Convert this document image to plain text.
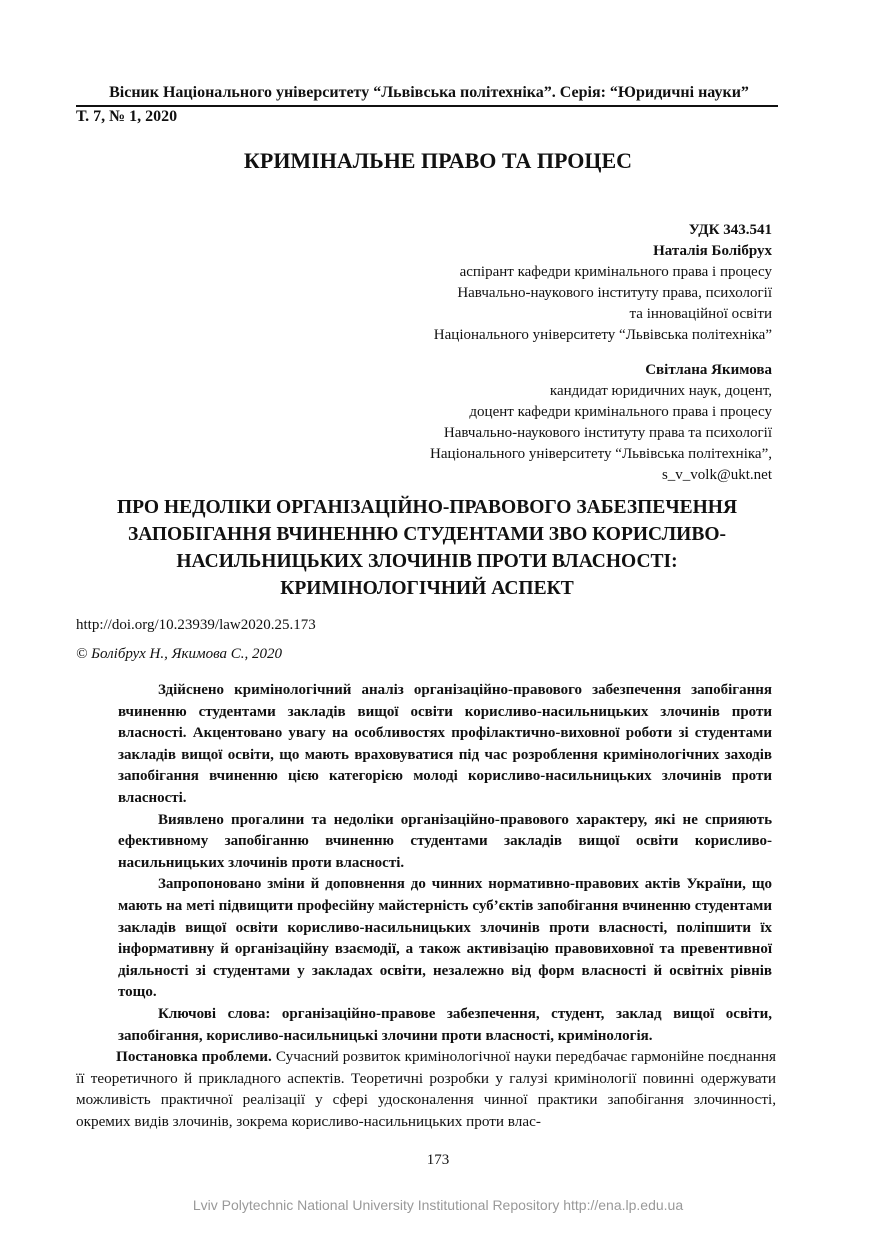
Вісник Національного університету “Львівська політехніка”. Серія: “Юридичні науки”
Т. 7, № 1, 2020
КРИМІНАЛЬНЕ ПРАВО ТА ПРОЦЕС
УДК 343.541
Наталія Болібрух
аспірант кафедри кримінального права і процесу
Навчально-наукового інституту права, психології
та інноваційної освіти
Національного університету “Львівська політехніка”
Світлана Якимова
кандидат юридичних наук, доцент,
доцент кафедри кримінального права і процесу
Навчально-наукового інституту права та психології
Національного університету “Львівська політехніка”,
s_v_volk@ukt.net
ПРО НЕДОЛІКИ ОРГАНІЗАЦІЙНО-ПРАВОВОГО ЗАБЕЗПЕЧЕННЯ
ЗАПОБІГАННЯ ВЧИНЕННЮ СТУДЕНТАМИ ЗВО КОРИСЛИВО-
НАСИЛЬНИЦЬКИХ ЗЛОЧИНІВ ПРОТИ ВЛАСНОСТІ:
КРИМІНОЛОГІЧНИЙ АСПЕКТ
http://doi.org/10.23939/law2020.25.173
© Болібрух Н., Якимова С., 2020

Здійснено кримінологічний аналіз організаційно-правового забезпечення запобігання вчиненню студентами закладів вищої освіти корисливо-насильницьких злочинів проти власності. Акцентовано увагу на особливостях профілактично-виховної роботи зі студентами закладів вищої освіти, що мають враховуватися під час розроблення кримінологічних заходів запобігання вчиненню цією категорією молоді корисливо-насильницьких злочинів проти власності.

Виявлено прогалини та недоліки організаційно-правового характеру, які не сприяють ефективному запобіганню вчиненню студентами закладів вищої освіти корисливо-насильницьких злочинів проти власності.

Запропоновано зміни й доповнення до чинних нормативно-правових актів України, що мають на меті підвищити професійну майстерність суб’єктів запобігання вчиненню студентами закладів вищої освіти корисливо-насильницьких злочинів проти власності, поліпшити їх інформативну й організаційну взаємодії, а також активізацію правовиховної та превентивної діяльності зі студентами у закладах освіти, незалежно від форм власності й освітніх рівнів тощо.

Ключові слова: організаційно-правове забезпечення, студент, заклад вищої освіти, запобігання, корисливо-насильницькі злочини проти власності, кримінологія.

Постановка проблеми. Сучасний розвиток кримінологічної науки передбачає гармонійне поєднання її теоретичного й прикладного аспектів. Теоретичні розробки у галузі кримінології повинні одержувати можливість практичної реалізації у сфері удосконалення чинної практики запобігання злочинності, окремих видів злочинів, зокрема корисливо-насильницьких проти влас-
173
Lviv Polytechnic National University Institutional Repository http://ena.lp.edu.ua
